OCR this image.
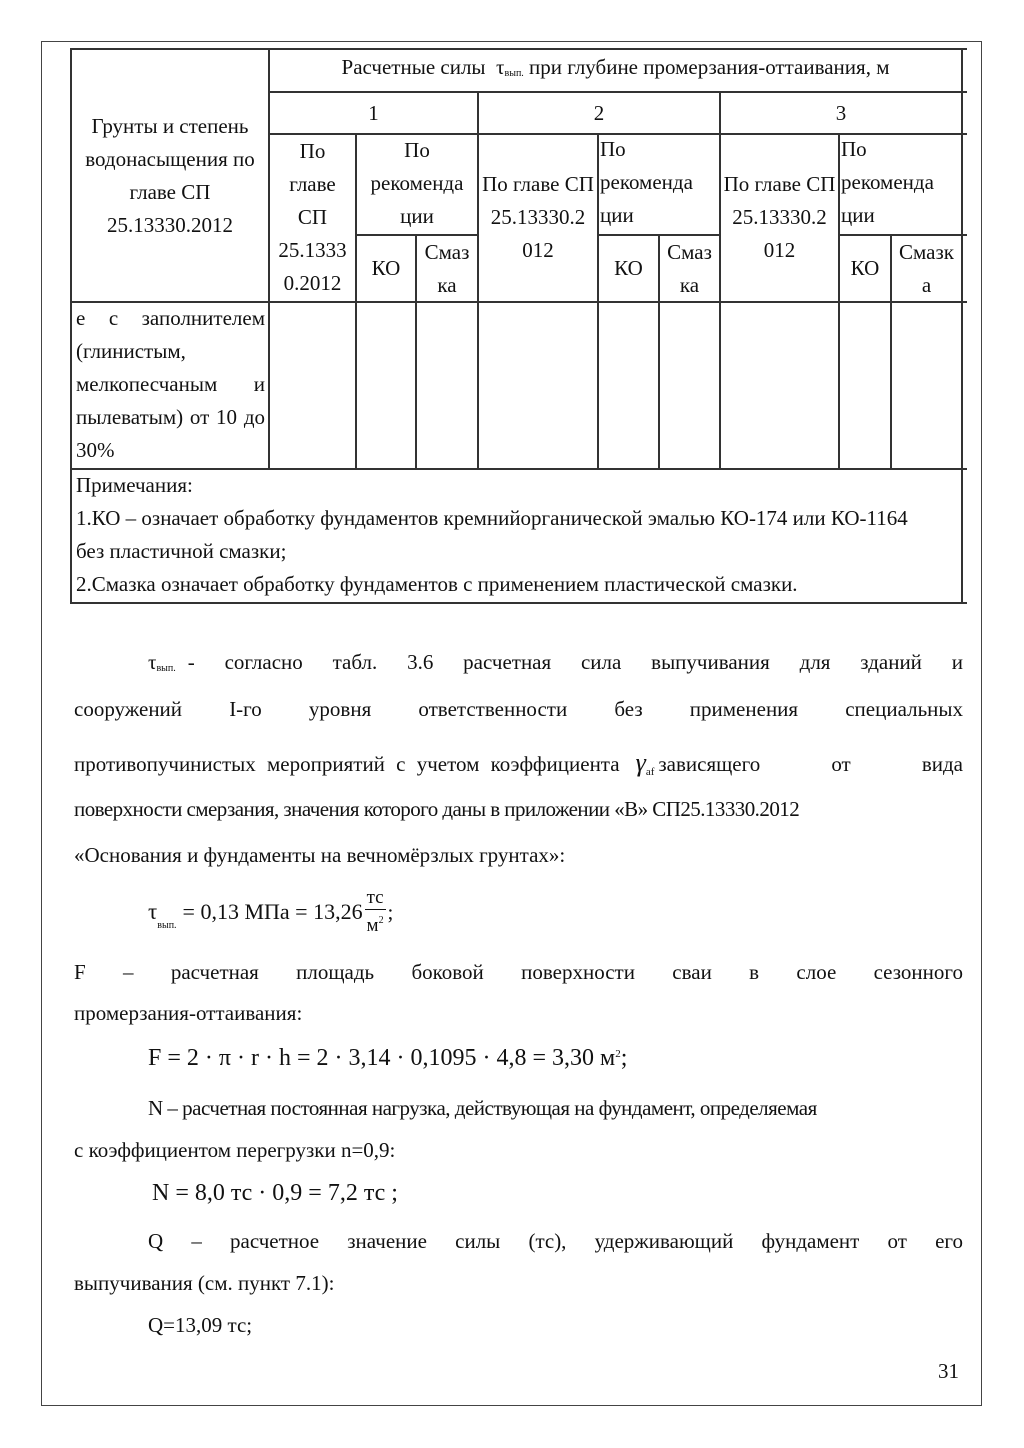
Грунты и степень водонасыщения по главе СП 25.13330.2012
Расчетные силы τвып. при глубине промерзания-оттаивания, м
1	2	3
По главе СП 25.1333 0.2012
По рекоменда ции
КО
Смаз ка
По главе СП 25.13330.2 012
По рекоменда ции
КО
Смаз ка
По главе СП 25.13330.2 012
По рекоменда ции
КО
Смазк а
е с заполнителем (глинистым, мелкопесчаным и пылеватым) от 10 до 30%
Примечания:
1.КО – означает обработку фундаментов кремнийорганической эмалью КО-174 или КО-1164 без пластичной смазки;
2.Смазка означает обработку фундаментов с применением пластической смазки.
τвып. - согласно табл. 3.6 расчетная сила выпучивания для зданий и
сооружений I-го уровня ответственности без применения специальных
противопучинистых мероприятий с учетом коэффициента $\gamma_{af}$ зависящего от вида
поверхности смерзания, значения которого даны в приложении «В» СП25.13330.2012
«Основания и фундаменты на вечномёрзлых грунтах»:
τ
вып.
= 0,13 МПа = $13,26 \frac{тс}{м^2}$ ;
F – расчетная площадь боковой поверхности сваи в слое сезонного
промерзания-оттаивания:
F = 2 · π · r · h = 2 · 3,14 · 0,1095 · 4,8 = 3,30 $м^2$;
N – расчетная постоянная нагрузка, действующая на фундамент, определяемая
с коэффициентом перегрузки n=0,9:
N = 8,0 тс · 0,9 = 7,2 тс ;
Q – расчетное значение силы (тс), удерживающий фундамент от его
выпучивания (см. пункт 7.1):
Q=13,09 тс;
31
